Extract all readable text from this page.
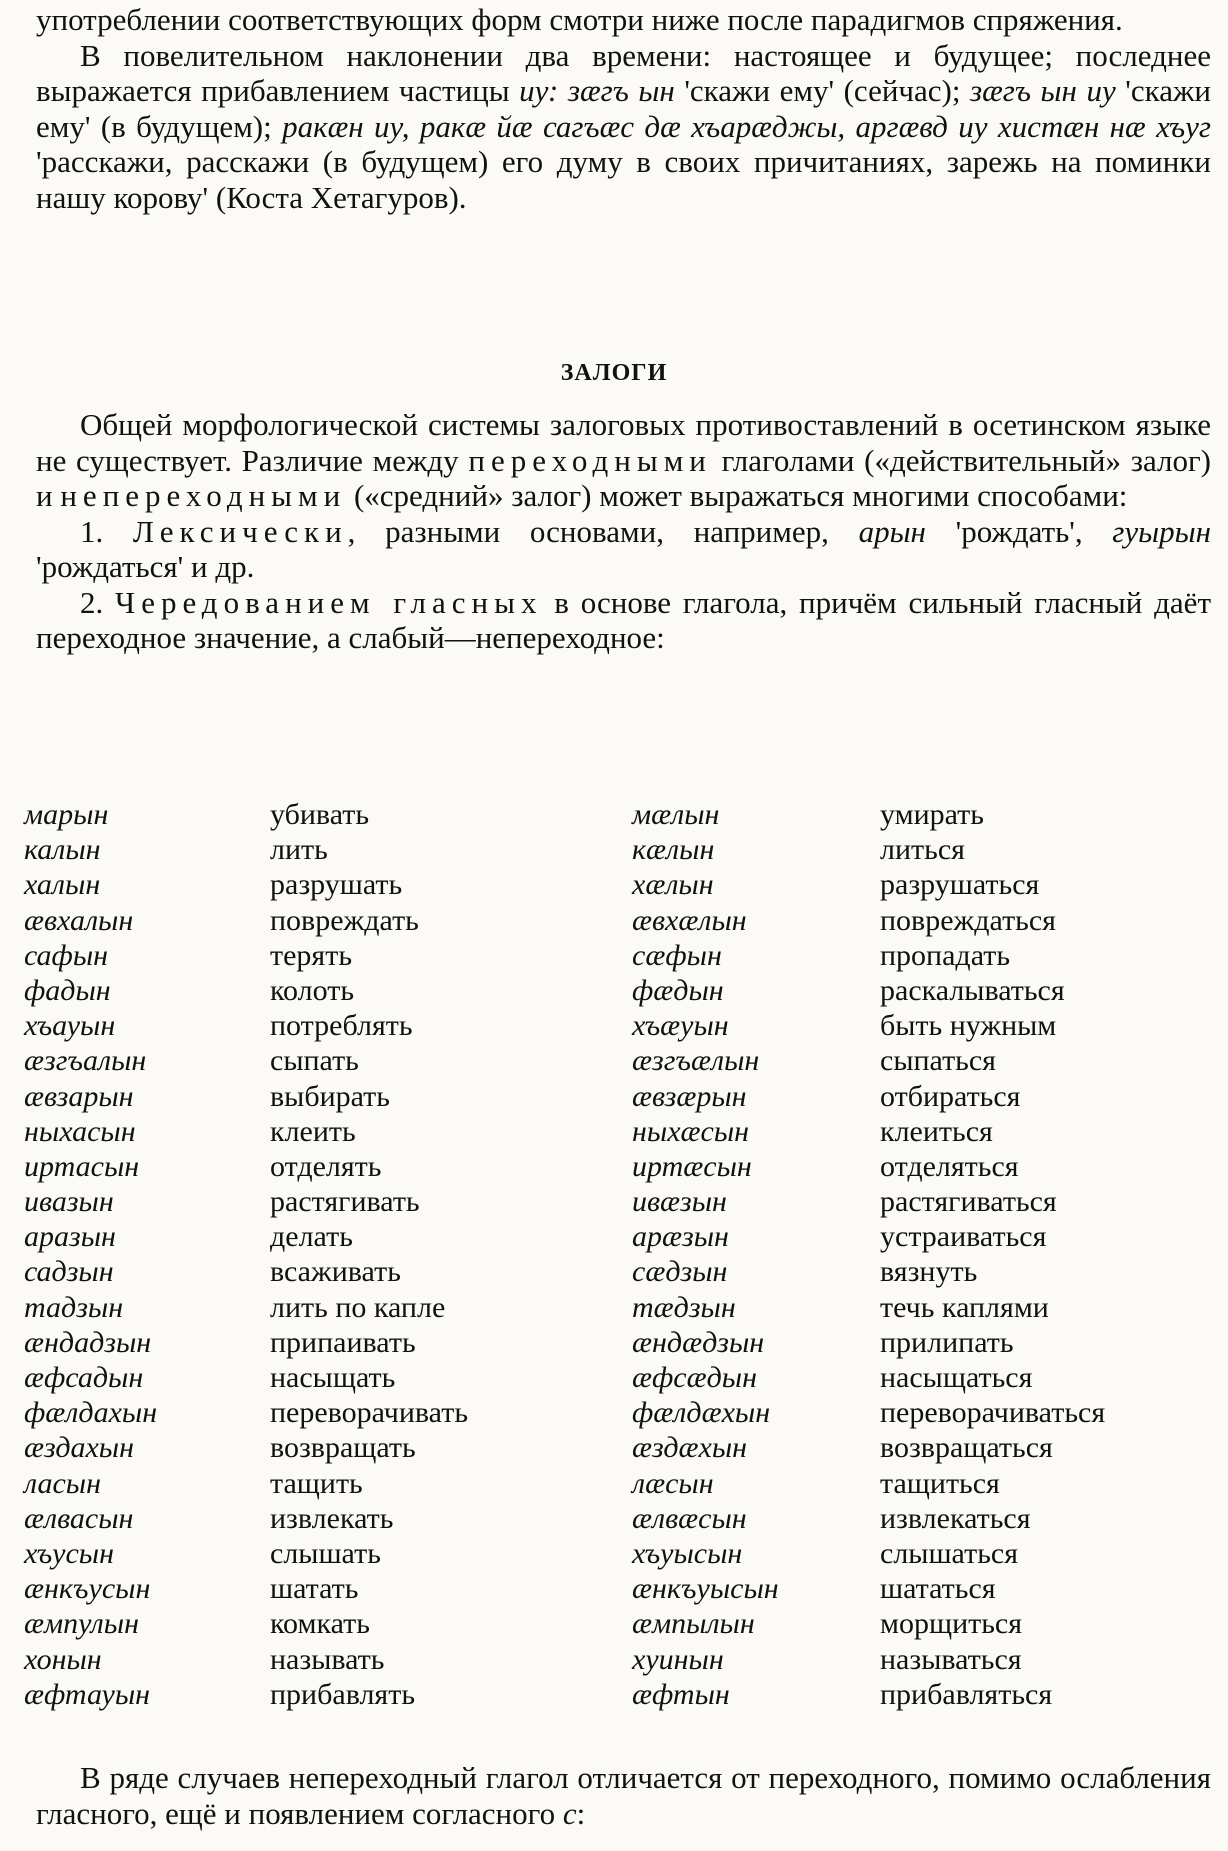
употреблении соответствующих форм смотри ниже после парадигмов спряжения.

В повелительном наклонении два времени: настоящее и будущее; последнее выражается прибавлением частицы иу: зæгъ ын 'скажи ему' (сейчас); зæгъ ын иу 'скажи ему' (в будущем); ракæн иу, ракæ йæ сагъæс дæ хъарæджы, аргæвд иу хистæн нæ хъуг 'расскажи, расскажи (в будущем) его думу в своих причитаниях, зарежь на поминки нашу корову' (Коста Хетагуров).

ЗАЛОГИ

Общей морфологической системы залоговых противоставлений в осетинском языке не существует. Различие между переходными глаголами («действительный» залог) и непереходными («средний» залог) может выражаться многими способами:

1. Лексически, разными основами, например, арын 'рождать', гуырын 'рождаться' и др.

2. Чередованием гласных в основе глагола, причём сильный гласный даёт переходное значение, а слабый—непереходное:

марын	убивать	мæлын	умирать
калын	лить	кæлын	литься
халын	разрушать	хæлын	разрушаться
æвхалын	повреждать	æвхæлын	повреждаться
сафын	терять	сæфын	пропадать
фадын	колоть	фæдын	раскалываться
хъауын	потреблять	хъæуын	быть нужным
æзгъалын	сыпать	æзгъæлын	сыпаться
æвзарын	выбирать	æвзæрын	отбираться
ныхасын	клеить	ныхæсын	клеиться
иртасын	отделять	иртæсын	отделяться
ивазын	растягивать	ивæзын	растягиваться
аразын	делать	арæзын	устраиваться
садзын	всаживать	сæдзын	вязнуть
тадзын	лить по капле	тæдзын	течь каплями
æндадзын	припаивать	æндæдзын	прилипать
æфсадын	насыщать	æфсæдын	насыщаться
фæлдахын	переворачивать	фæлдæхын	переворачиваться
æздахын	возвращать	æздæхын	возвращаться
ласын	тащить	лæсын	тащиться
æлвасын	извлекать	æлвæсын	извлекаться
хъусын	слышать	хъуысын	слышаться
æнкъусын	шатать	æнкъуысын	шататься
æмпулын	комкать	æмпылын	морщиться
хонын	называть	хуинын	называться
æфтауын	прибавлять	æфтын	прибавляться

В ряде случаев непереходный глагол отличается от переходного, помимо ослабления гласного, ещё и появлением согласного с:
